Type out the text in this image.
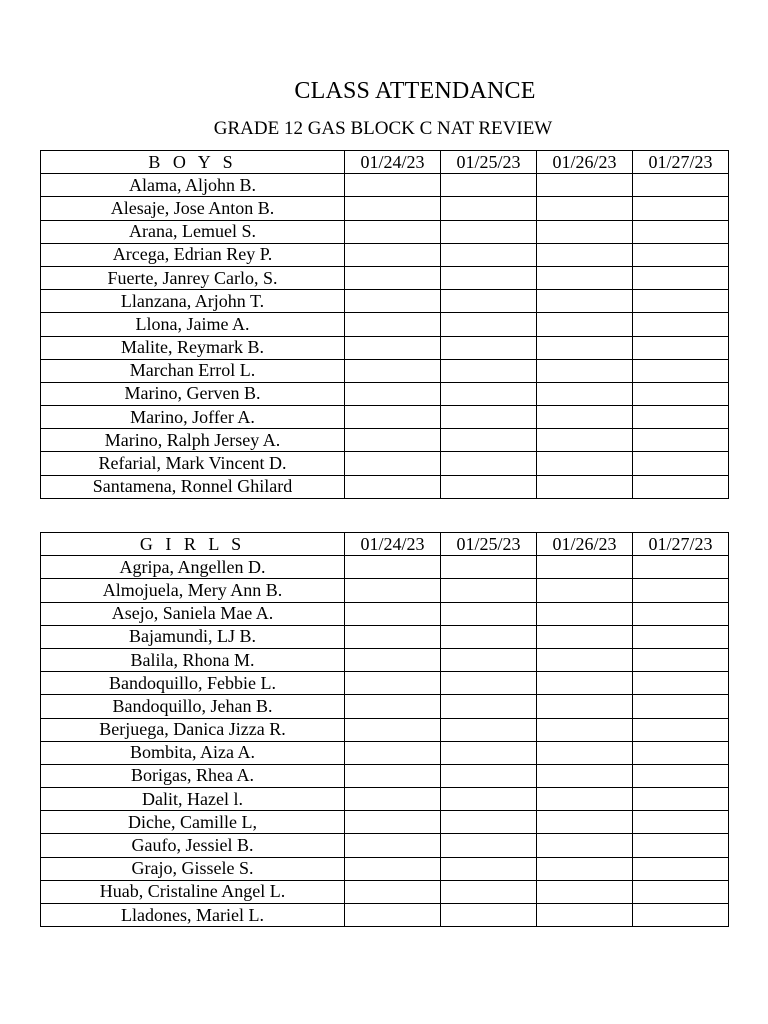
CLASS ATTENDANCE
GRADE 12 GAS BLOCK C NAT REVIEW
B O Y S	01/24/23	01/25/23	01/26/23	01/27/23
Alama, Aljohn B.				
Alesaje, Jose Anton B.				
Arana, Lemuel S.				
Arcega, Edrian Rey P.				
Fuerte, Janrey Carlo, S.				
Llanzana, Arjohn T.				
Llona, Jaime A.				
Malite, Reymark B.				
Marchan Errol L.				
Marino, Gerven B.				
Marino, Joffer A.				
Marino, Ralph Jersey A.				
Refarial, Mark Vincent D.				
Santamena, Ronnel Ghilard				
G I R L S	01/24/23	01/25/23	01/26/23	01/27/23
Agripa, Angellen D.				
Almojuela, Mery Ann B.				
Asejo, Saniela Mae A.				
Bajamundi, LJ B.				
Balila, Rhona M.				
Bandoquillo, Febbie L.				
Bandoquillo, Jehan B.				
Berjuega, Danica Jizza R.				
Bombita, Aiza A.				
Borigas, Rhea A.				
Dalit, Hazel l.				
Diche, Camille L,				
Gaufo, Jessiel B.				
Grajo, Gissele S.				
Huab, Cristaline Angel L.				
Lladones, Mariel L.				
